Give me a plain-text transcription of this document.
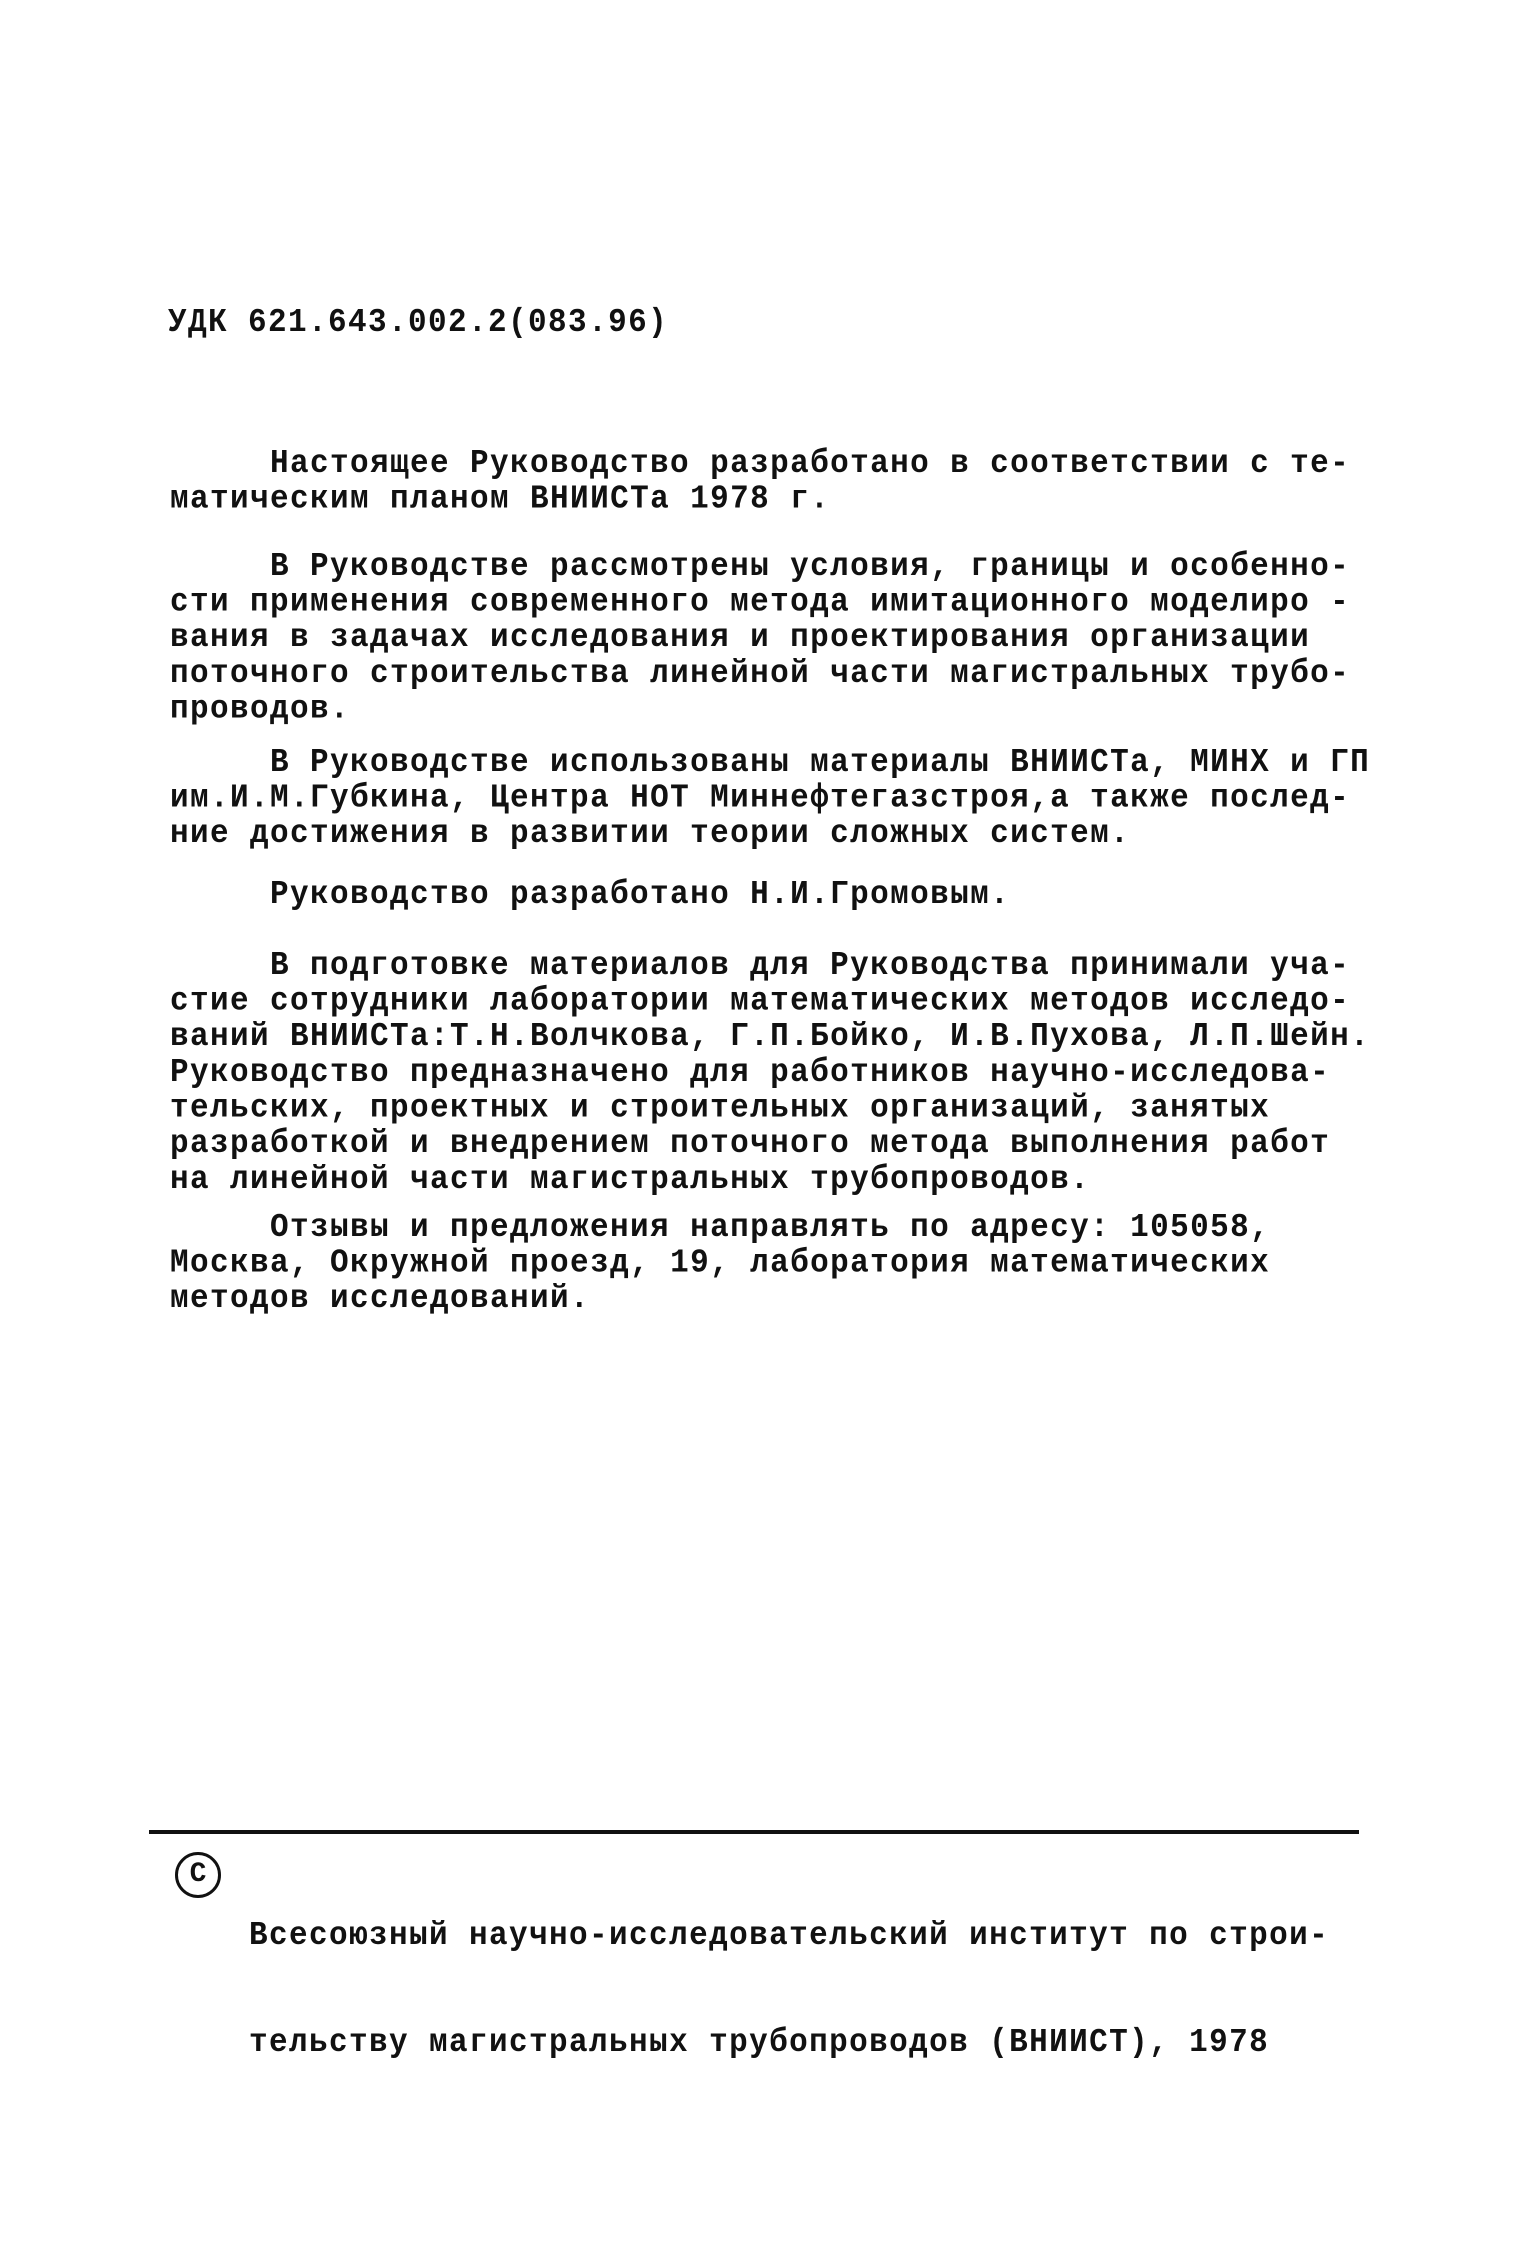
УДК 621.643.002.2(083.96)
Настоящее Руководство разработано в соответствии с те-
матическим планом ВНИИСТа 1978 г.
В Руководстве рассмотрены условия, границы и особенно-
сти применения современного метода имитационного моделиро -
вания в задачах исследования и проектирования организации
поточного строительства линейной части магистральных трубо-
проводов.
В Руководстве использованы материалы ВНИИСТа, МИНХ и ГП
им.И.М.Губкина, Центра НОТ Миннефтегазстроя,а также послед-
ние достижения в развитии теории сложных систем.
Руководство разработано Н.И.Громовым.
В подготовке материалов для Руководства принимали уча-
стие сотрудники лаборатории математических методов исследо-
ваний ВНИИСТа:Т.Н.Волчкова, Г.П.Бойко, И.В.Пухова, Л.П.Шейн.
Руководство предназначено для работников научно-исследова-
тельских, проектных и строительных организаций, занятых
разработкой и внедрением поточного метода выполнения работ
на линейной части магистральных трубопроводов.
Отзывы и предложения направлять по адресу: 105058,
Москва, Окружной проезд, 19, лаборатория математических
методов исследований.
C

Всесоюзный научно-исследовательский институт по строи-

тельству магистральных трубопроводов (ВНИИСТ), 1978
